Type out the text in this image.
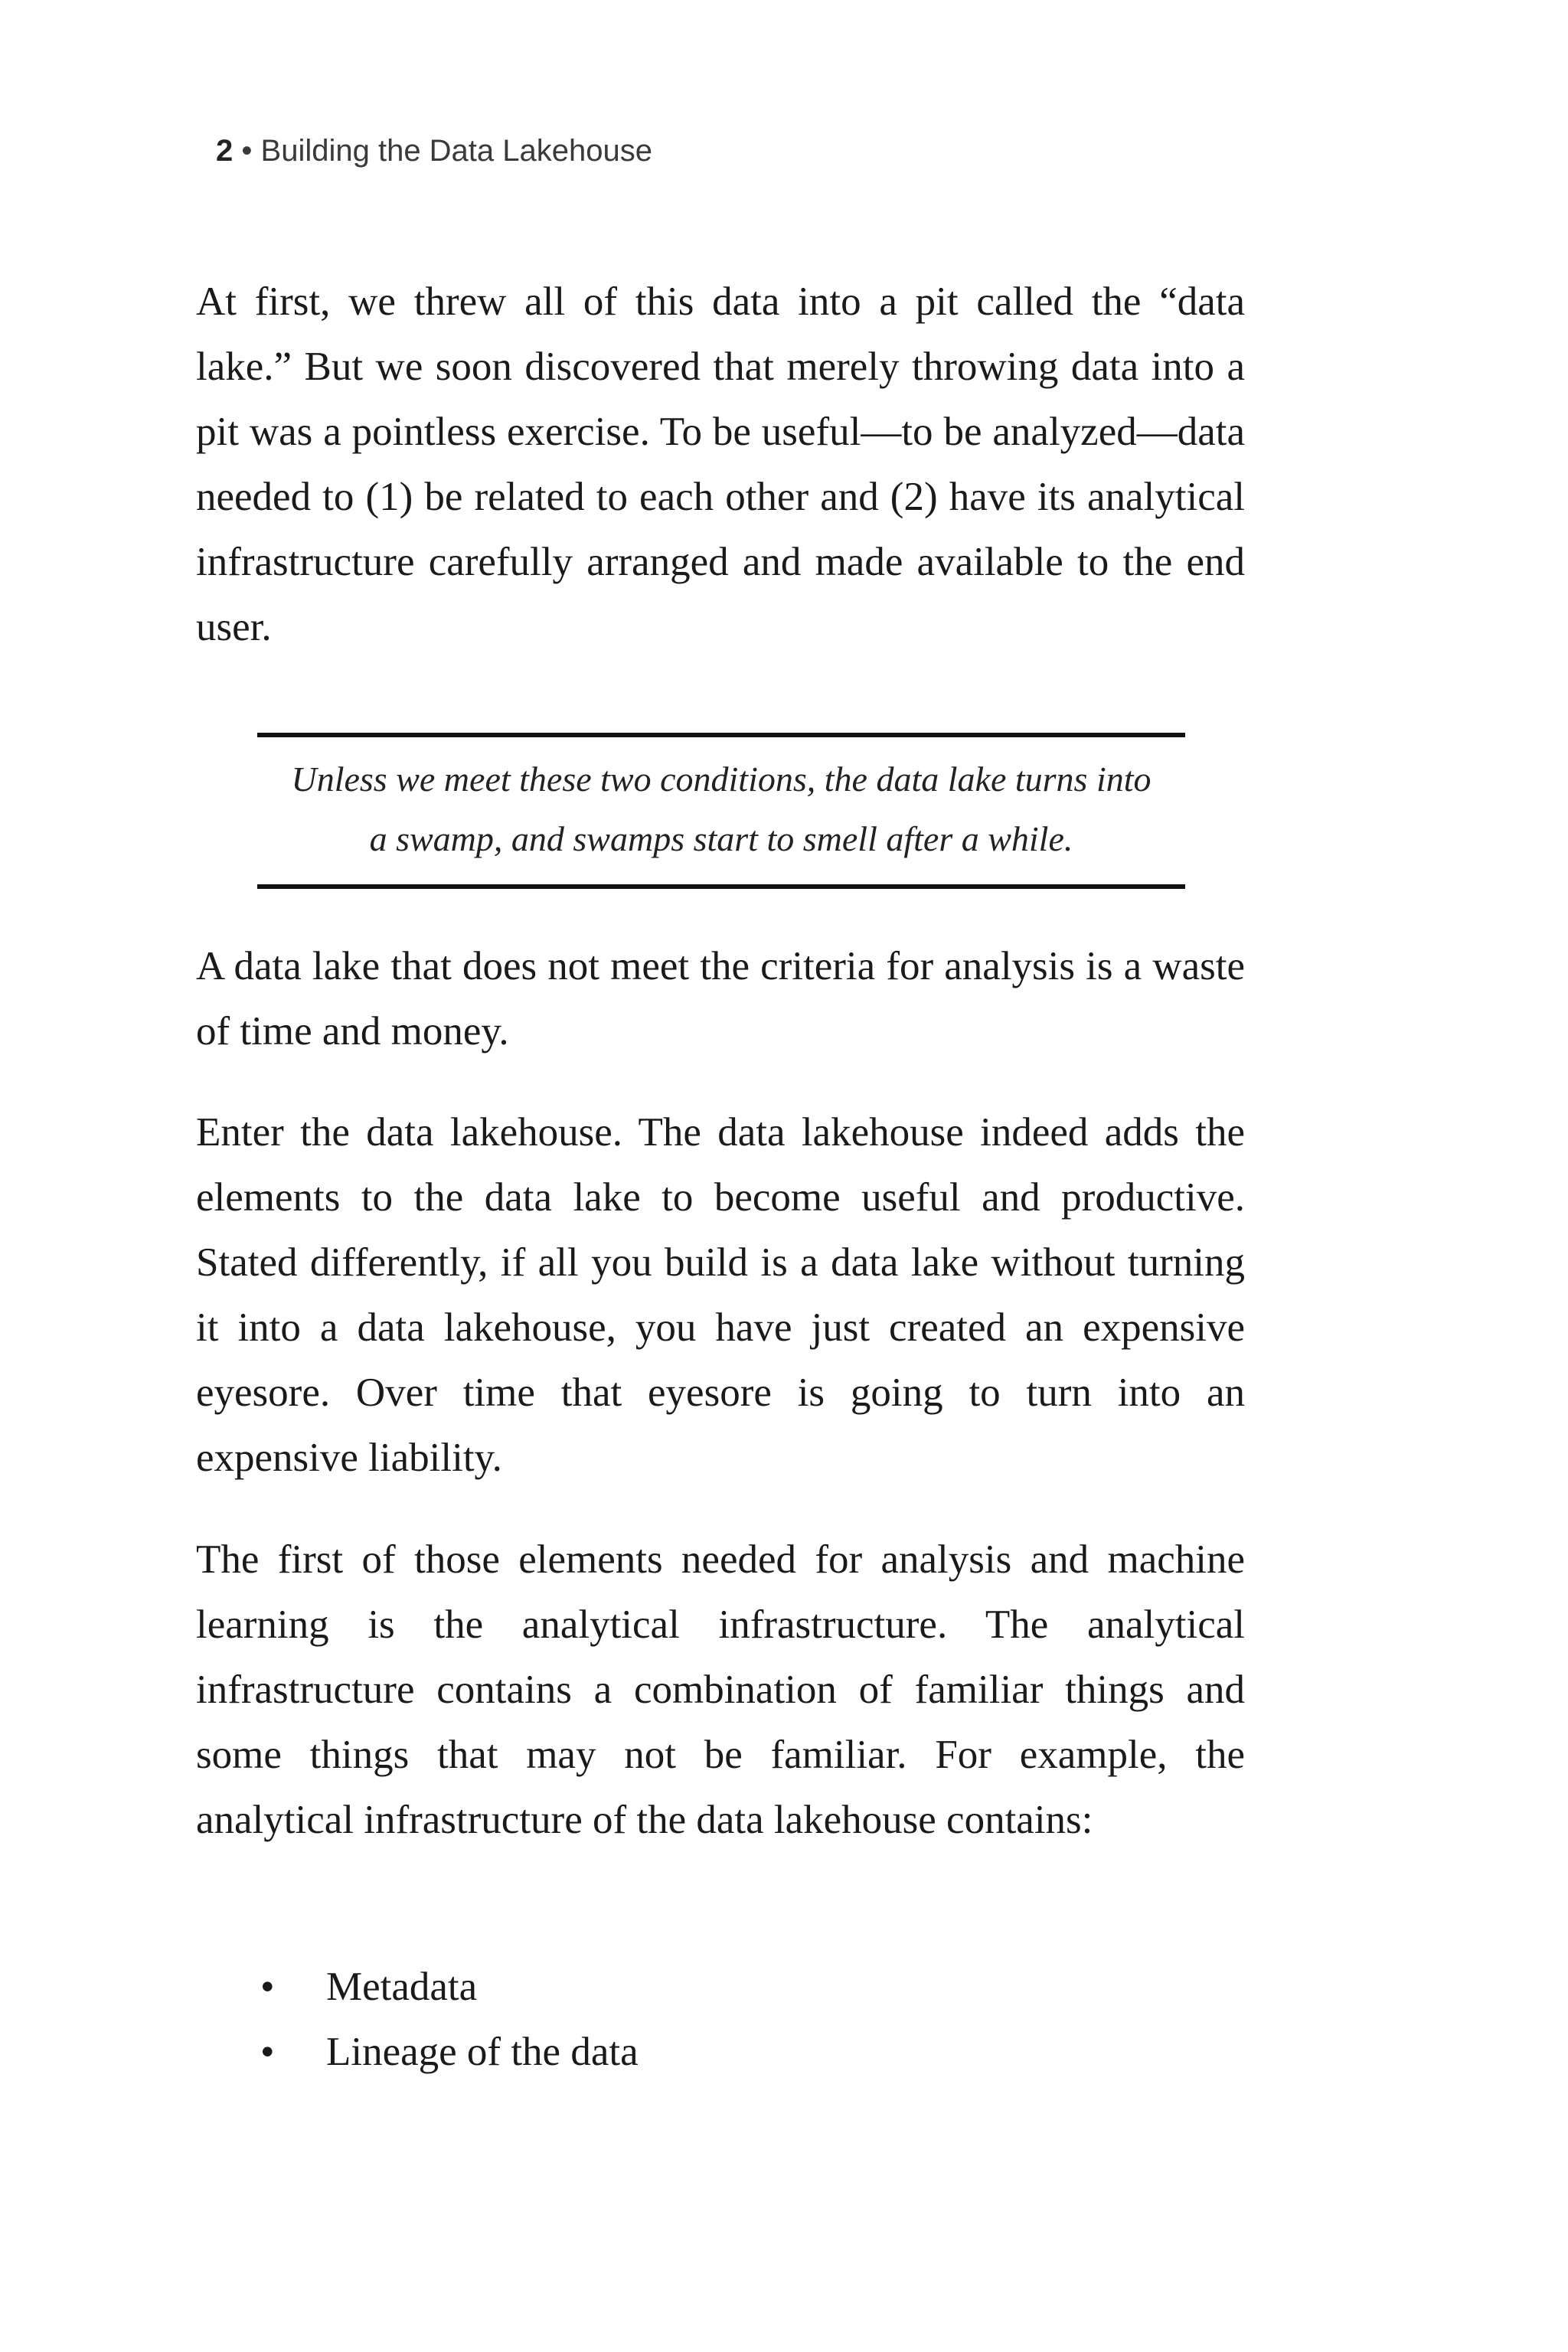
2 • Building the Data Lakehouse

At first, we threw all of this data into a pit called the “data lake.” But we soon discovered that merely throwing data into a pit was a pointless exercise. To be useful—to be analyzed—data needed to (1) be related to each other and (2) have its analytical infrastructure carefully arranged and made available to the end user.

Unless we meet these two conditions, the data lake turns into
a swamp, and swamps start to smell after a while.

A data lake that does not meet the criteria for analysis is a waste of time and money.

Enter the data lakehouse. The data lakehouse indeed adds the elements to the data lake to become useful and productive. Stated differently, if all you build is a data lake without turning it into a data lakehouse, you have just created an expensive eyesore. Over time that eyesore is going to turn into an expensive liability.

The first of those elements needed for analysis and machine learning is the analytical infrastructure. The analytical infrastructure contains a combination of familiar things and some things that may not be familiar. For example, the analytical infrastructure of the data lakehouse contains:

• Metadata
• Lineage of the data
